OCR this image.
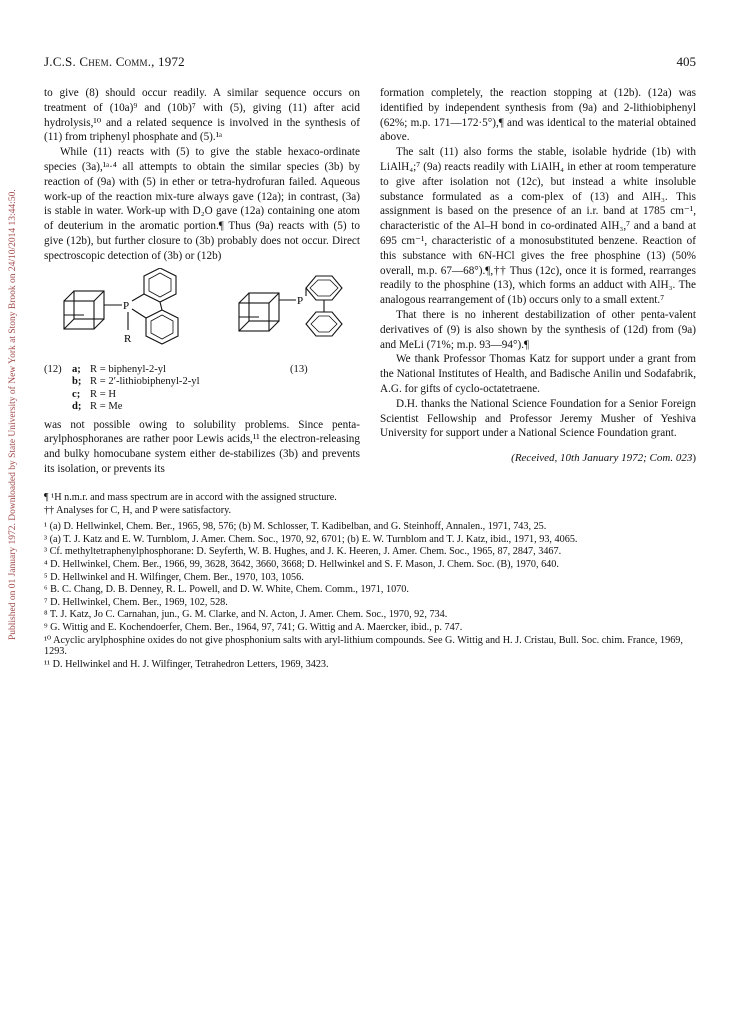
Published on 01 January 1972. Downloaded by State University of New York at Stony Brook on 24/10/2014 13:44:50.
J.C.S. Chem. Comm., 1972	405

to give (8) should occur readily. A similar sequence occurs on treatment of (10a)⁹ and (10b)⁷ with (5), giving (11) after acid hydrolysis,¹⁰ and a related sequence is involved in the synthesis of (11) from triphenyl phosphate and (5).¹ᵃ

While (11) reacts with (5) to give the stable hexaco-ordinate species (3a),¹ᵃ·⁴ all attempts to obtain the similar species (3b) by reaction of (9a) with (5) in ether or tetra-hydrofuran failed. Aqueous work-up of the reaction mix-ture always gave (12a); in contrast, (3a) is stable in water. Work-up with D₂O gave (12a) containing one atom of deuterium in the aromatic portion.¶ Thus (9a) reacts with (5) to give (12b), but further closure to (3b) probably does not occur. Direct spectroscopic detection of (3b) or (12b)

P
R
P
(12)	(13)
a; R = biphenyl-2-yl
b; R = 2′-lithiobiphenyl-2-yl
c; R = H
d; R = Me

was not possible owing to solubility problems. Since penta-arylphosphoranes are rather poor Lewis acids,¹¹ the electron-releasing and bulky homocubane system either de-stabilizes (3b) and prevents its isolation, or prevents its

formation completely, the reaction stopping at (12b). (12a) was identified by independent synthesis from (9a) and 2-lithiobiphenyl (62%; m.p. 171—172·5°),¶ and was identical to the material obtained above.

The salt (11) also forms the stable, isolable hydride (1b) with LiAlH₄;⁷ (9a) reacts readily with LiAlH₄ in ether at room temperature to give after isolation not (12c), but instead a white insoluble substance formulated as a com-plex of (13) and AlH₃. This assignment is based on the presence of an i.r. band at 1785 cm⁻¹, characteristic of the Al–H bond in co-ordinated AlH₃,⁷ and a band at 695 cm⁻¹, characteristic of a monosubstituted benzene. Reaction of this substance with 6N-HCl gives the free phosphine (13) (50% overall, m.p. 67—68°).¶,†† Thus (12c), once it is formed, rearranges readily to the phosphine (13), which forms an adduct with AlH₃. The analogous rearrangement of (1b) occurs only to a small extent.⁷

That there is no inherent destabilization of other penta-valent derivatives of (9) is also shown by the synthesis of (12d) from (9a) and MeLi (71%; m.p. 93—94°).¶

We thank Professor Thomas Katz for support under a grant from the National Institutes of Health, and Badische Anilin und Sodafabrik, A.G. for gifts of cyclo-octatetraene.

D.H. thanks the National Science Foundation for a Senior Foreign Scientist Fellowship and Professor Jeremy Musher of Yeshiva University for support under a National Science Foundation grant.

(Received, 10th January 1972; Com. 023)
¶ ¹H n.m.r. and mass spectrum are in accord with the assigned structure.
†† Analyses for C, H, and P were satisfactory.
¹ (a) D. Hellwinkel, Chem. Ber., 1965, 98, 576; (b) M. Schlosser, T. Kadibelban, and G. Steinhoff, Annalen., 1971, 743, 25.
³ (a) T. J. Katz and E. W. Turnblom, J. Amer. Chem. Soc., 1970, 92, 6701; (b) E. W. Turnblom and T. J. Katz, ibid., 1971, 93, 4065.
³ Cf. methyltetraphenylphosphorane: D. Seyferth, W. B. Hughes, and J. K. Heeren, J. Amer. Chem. Soc., 1965, 87, 2847, 3467.
⁴ D. Hellwinkel, Chem. Ber., 1966, 99, 3628, 3642, 3660, 3668; D. Hellwinkel and S. F. Mason, J. Chem. Soc. (B), 1970, 640.
⁵ D. Hellwinkel and H. Wilfinger, Chem. Ber., 1970, 103, 1056.
⁶ B. C. Chang, D. B. Denney, R. L. Powell, and D. W. White, Chem. Comm., 1971, 1070.
⁷ D. Hellwinkel, Chem. Ber., 1969, 102, 528.
⁸ T. J. Katz, Jo C. Carnahan, jun., G. M. Clarke, and N. Acton, J. Amer. Chem. Soc., 1970, 92, 734.
⁹ G. Wittig and E. Kochendoerfer, Chem. Ber., 1964, 97, 741; G. Wittig and A. Maercker, ibid., p. 747.
¹⁰ Acyclic arylphosphine oxides do not give phosphonium salts with aryl-lithium compounds. See G. Wittig and H. J. Cristau, Bull. Soc. chim. France, 1969, 1293.
¹¹ D. Hellwinkel and H. J. Wilfinger, Tetrahedron Letters, 1969, 3423.
